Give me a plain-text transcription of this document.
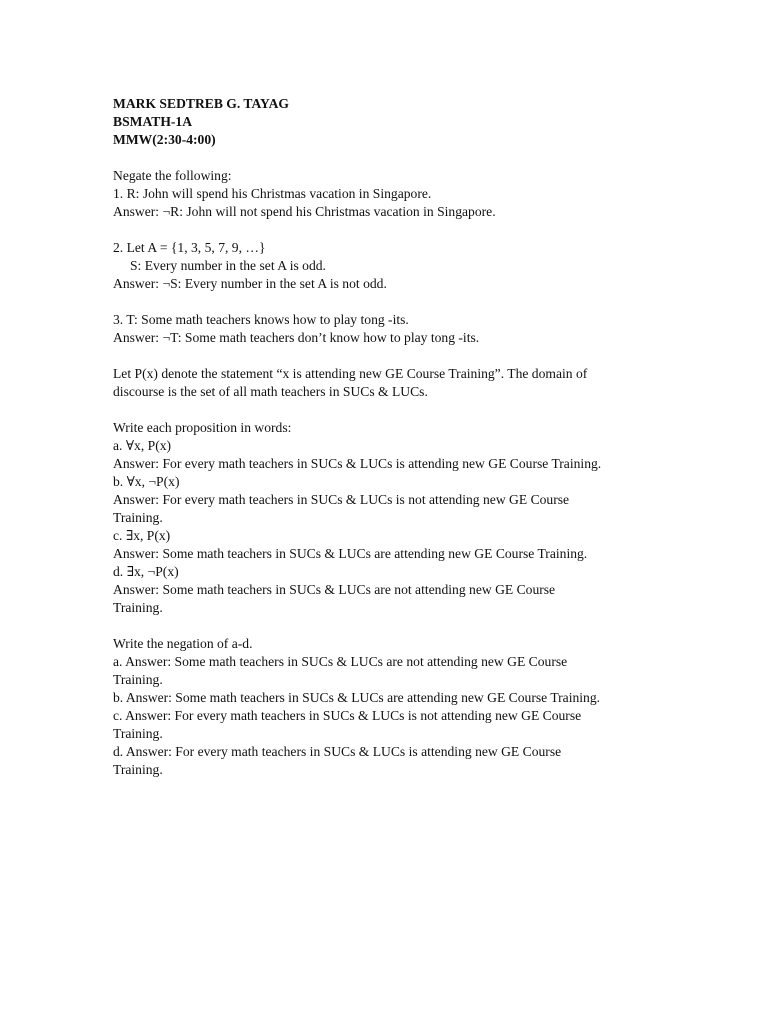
MARK SEDTREB G. TAYAG
BSMATH-1A
MMW(2:30-4:00)
Negate the following:
1. R: John will spend his Christmas vacation in Singapore.
Answer: ¬R: John will not spend his Christmas vacation in Singapore.
2. Let A = {1, 3, 5, 7, 9, …}
S: Every number in the set A is odd.
Answer: ¬S: Every number in the set A is not odd.
3. T: Some math teachers knows how to play tong -its.
Answer: ¬T: Some math teachers don’t know how to play tong -its.
Let P(x) denote the statement “x is attending new GE Course Training”. The domain of
discourse is the set of all math teachers in SUCs & LUCs.
Write each proposition in words:
a. ∀x, P(x)
Answer: For every math teachers in SUCs & LUCs is attending new GE Course Training.
b. ∀x, ¬P(x)
Answer: For every math teachers in SUCs & LUCs is not attending new GE Course
Training.
c. ∃x, P(x)
Answer: Some math teachers in SUCs & LUCs are attending new GE Course Training.
d. ∃x, ¬P(x)
Answer: Some math teachers in SUCs & LUCs are not attending new GE Course
Training.
Write the negation of a-d.
a. Answer: Some math teachers in SUCs & LUCs are not attending new GE Course
Training.
b. Answer: Some math teachers in SUCs & LUCs are attending new GE Course Training.
c. Answer: For every math teachers in SUCs & LUCs is not attending new GE Course
Training.
d. Answer: For every math teachers in SUCs & LUCs is attending new GE Course
Training.
